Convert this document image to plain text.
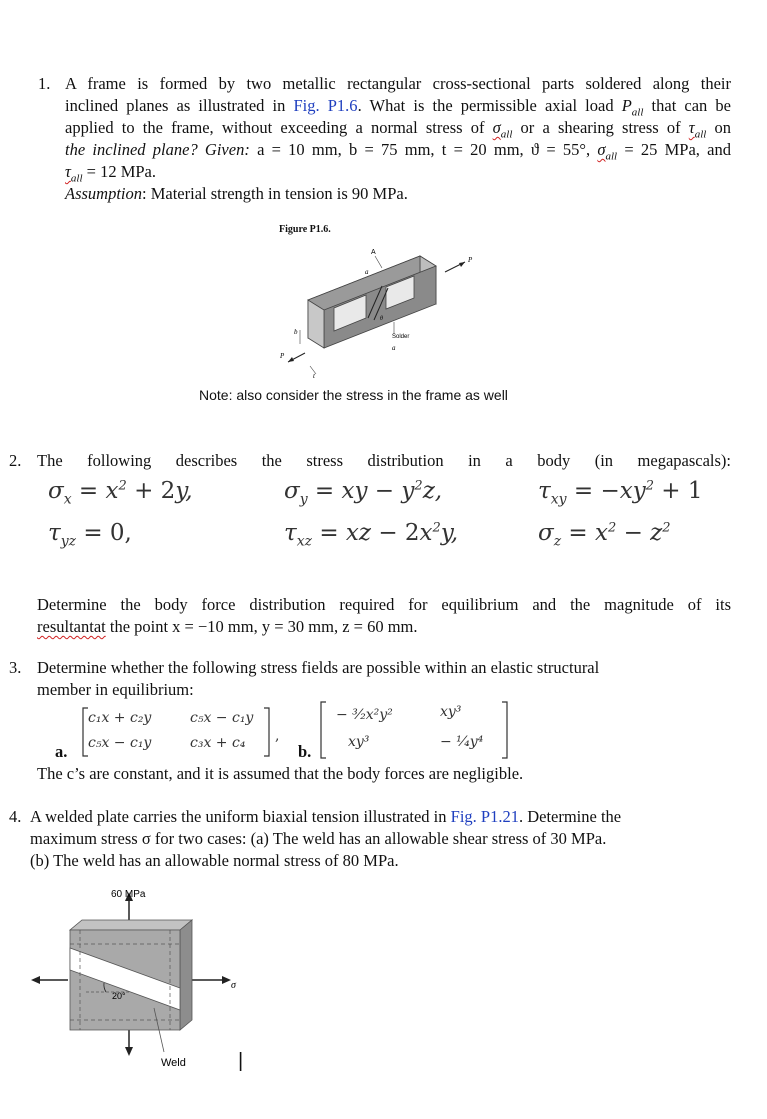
1. A frame is formed by two metallic rectangular cross-sectional parts soldered along their
inclined planes as illustrated in Fig. P1.6. What is the permissible axial load $P_{all}$ that can be
applied to the frame, without exceeding a normal stress of $\sigma_{all}$ or a shearing stress of $\tau_{all}$ on
the inclined plane? Given: a = 10 mm, b = 75 mm, t = 20 mm, ϑ = 55°, $\sigma_{all} = 25$ MPa, and
$\tau_{all} = 12$ MPa.
Assumption: Material strength in tension is 90 MPa.
Figure P1.6.
A
a
P
b
t
θ
Solder
a
P
Note: also consider the stress in the frame as well
2. The following describes the stress distribution in a body (in megapascals):
$\sigma_x = x^2 + 2y$,	$\sigma_y$ = xy − $y^2z$,	$\tau_{xy} = -xy^2 + 1$
$\tau_{yz} = 0$,	$\tau_{xz}$ = xz − $2x^2y$,	$\sigma_z = x^2 - z^2$
Determine the body force distribution required for equilibrium and the magnitude of its
resultantat the point x = −10 mm, y = 30 mm, z = 60 mm.
3. Determine whether the following stress fields are possible within an elastic structural
member in equilibrium:
a.
c₁x + c₂y	c₅x − c₁y
c₅x − c₁y	c₃x + c₄ ,
b.
− ³⁄₂x²y²	xy³
xy³	− ¹⁄₄y⁴
The c’s are constant, and it is assumed that the body forces are negligible.
4. A welded plate carries the uniform biaxial tension illustrated in Fig. P1.21. Determine the
maximum stress σ for two cases: (a) The weld has an allowable shear stress of 30 MPa.
(b) The weld has an allowable normal stress of 80 MPa.
60 MPa
20°
σ
Weld	|
